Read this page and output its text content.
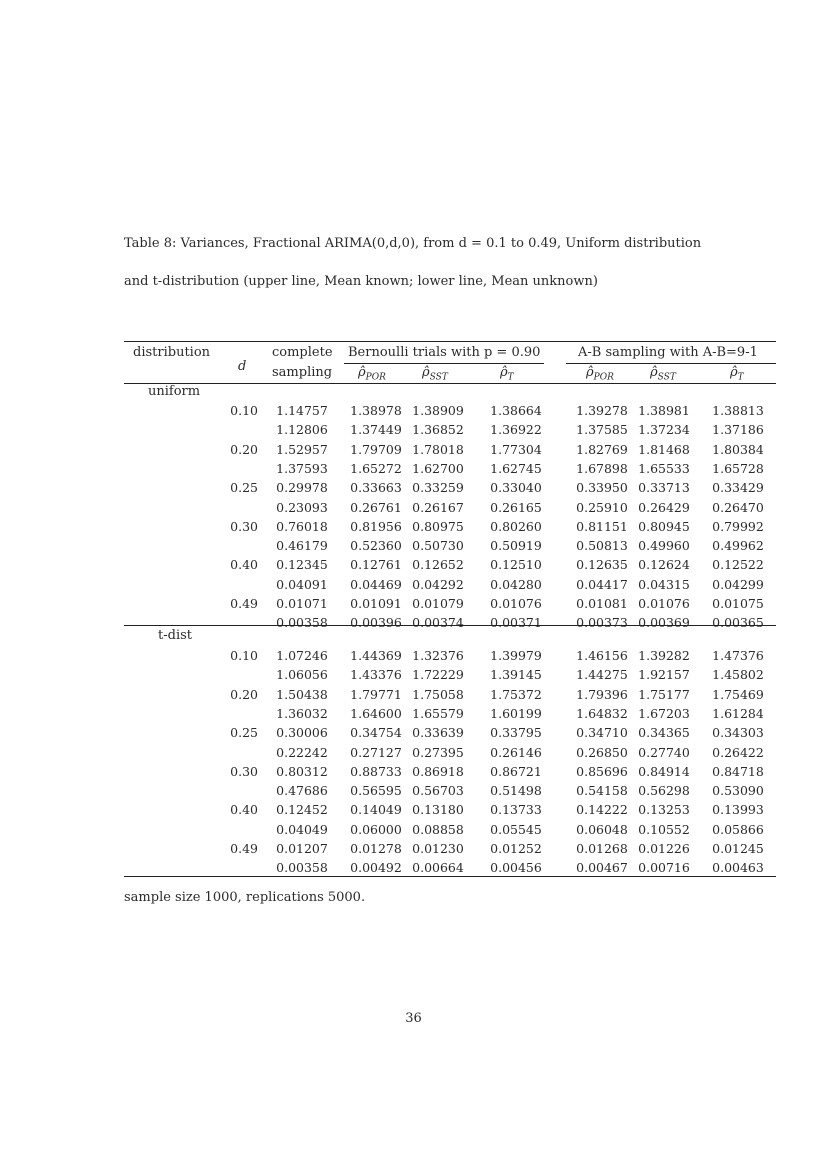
Table 8: Variances, Fractional ARIMA(0,d,0), from d = 0.1 to 0.49, Uniform distribution
and t-distribution (upper line, Mean known; lower line, Mean unknown)
distribution
d
complete
sampling
Bernoulli trials with p = 0.90	A-B sampling with A-B=9-1
$\rhô_{POR}$	$\rhô_{SST}$	$\rhô_T$	$\rhô_{POR}$	$\rhô_{SST}$	$\rhô_T$
uniform
0.10	1.14757	1.38978 1.38909	1.38664	1.39278 1.38981	1.38813
1.12806	1.37449 1.36852	1.36922	1.37585 1.37234	1.37186
0.20	1.52957	1.79709 1.78018	1.77304	1.82769 1.81468	1.80384
1.37593	1.65272 1.62700	1.62745	1.67898 1.65533	1.65728
0.25	0.29978	0.33663 0.33259	0.33040	0.33950 0.33713	0.33429
0.23093	0.26761 0.26167	0.26165	0.25910 0.26429	0.26470
0.30	0.76018	0.81956 0.80975	0.80260	0.81151 0.80945	0.79992
0.46179	0.52360 0.50730	0.50919	0.50813 0.49960	0.49962
0.40	0.12345	0.12761 0.12652	0.12510	0.12635 0.12624	0.12522
0.04091	0.04469 0.04292	0.04280	0.04417 0.04315	0.04299
0.49	0.01071	0.01091 0.01079	0.01076	0.01081 0.01076	0.01075
0.00358	0.00396 0.00374	0.00371	0.00373 0.00369	0.00365
t-dist
0.10	1.07246	1.44369 1.32376	1.39979	1.46156 1.39282	1.47376
1.06056	1.43376 1.72229	1.39145	1.44275 1.92157	1.45802
0.20	1.50438	1.79771 1.75058	1.75372	1.79396 1.75177	1.75469
1.36032	1.64600 1.65579	1.60199	1.64832 1.67203	1.61284
0.25	0.30006	0.34754 0.33639	0.33795	0.34710 0.34365	0.34303
0.22242	0.27127 0.27395	0.26146	0.26850 0.27740	0.26422
0.30	0.80312	0.88733 0.86918	0.86721	0.85696 0.84914	0.84718
0.47686	0.56595 0.56703	0.51498	0.54158 0.56298	0.53090
0.40	0.12452	0.14049 0.13180	0.13733	0.14222 0.13253	0.13993
0.04049	0.06000 0.08858	0.05545	0.06048 0.10552	0.05866
0.49	0.01207	0.01278 0.01230	0.01252	0.01268 0.01226	0.01245
0.00358	0.00492 0.00664	0.00456	0.00467 0.00716	0.00463
sample size 1000, replications 5000.
36
